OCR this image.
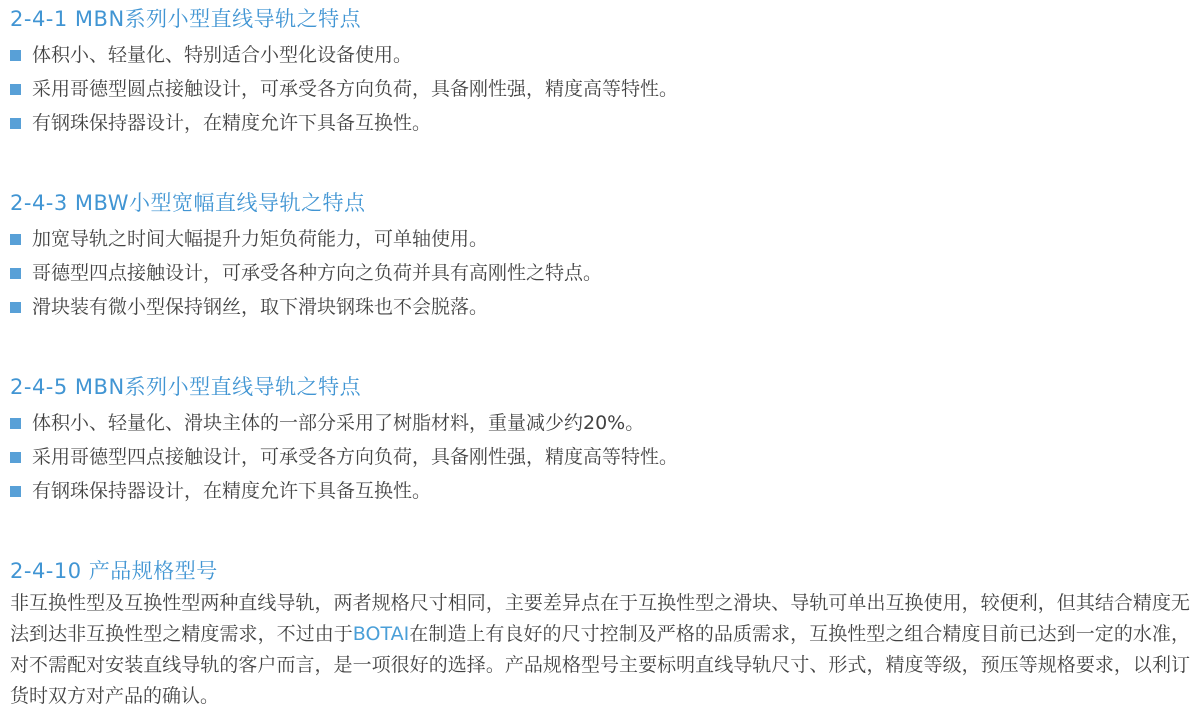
2-4-1 MBN系列小型直线导轨之特点
体积小、轻量化、特别适合小型化设备使用。
采用哥德型圆点接触设计，可承受各方向负荷，具备刚性强，精度高等特性。
有钢珠保持器设计，在精度允许下具备互换性。
2-4-3 MBW小型宽幅直线导轨之特点
加宽导轨之时间大幅提升力矩负荷能力，可单轴使用。
哥德型四点接触设计，可承受各种方向之负荷并具有高刚性之特点。
滑块装有微小型保持钢丝，取下滑块钢珠也不会脱落。
2-4-5 MBN系列小型直线导轨之特点
体积小、轻量化、滑块主体的一部分采用了树脂材料，重量减少约20%。
采用哥德型四点接触设计，可承受各方向负荷，具备刚性强，精度高等特性。
有钢珠保持器设计，在精度允许下具备互换性。
2-4-10 产品规格型号

非互换性型及互换性型两种直线导轨，两者规格尺寸相同，主要差异点在于互换性型之滑块、导轨可单出互换使用，较便利，但其结合精度无法到达非互换性型之精度需求，不过由于BOTAI在制造上有良好的尺寸控制及严格的品质需求，互换性型之组合精度目前已达到一定的水准，对不需配对安装直线导轨的客户而言，是一项很好的选择。产品规格型号主要标明直线导轨尺寸、形式，精度等级，预压等规格要求，以利订货时双方对产品的确认。
